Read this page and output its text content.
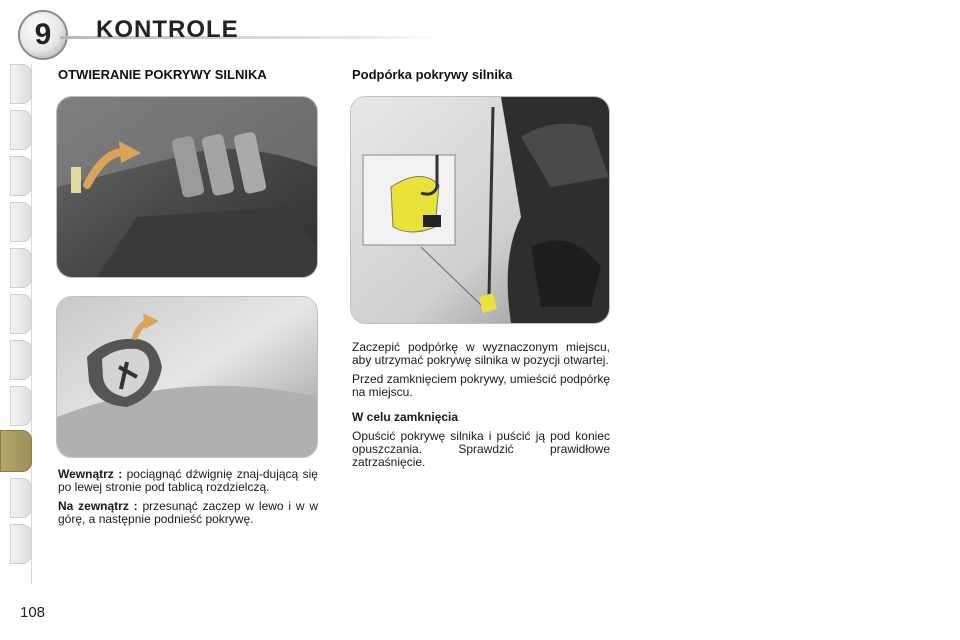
9 KONTROLE
OTWIERANIE POKRYWY SILNIKA

Wewnątrz : pociągnąć dźwignię znaj-dującą się po lewej stronie pod tablicą rozdzielczą.

Na zewnątrz : przesunąć zaczep w lewo i w w górę, a następnie podnieść pokrywę.

Podpórka pokrywy silnika

Zaczepić podpórkę w wyznaczonym miejscu, aby utrzymać pokrywę silnika w pozycji otwartej.

Przed zamknięciem pokrywy, umieścić podpórkę na miejscu.

W celu zamknięcia

Opuścić pokrywę silnika i puścić ją pod koniec opuszczania. Sprawdzić prawidłowe zatrzaśnięcie.

108
